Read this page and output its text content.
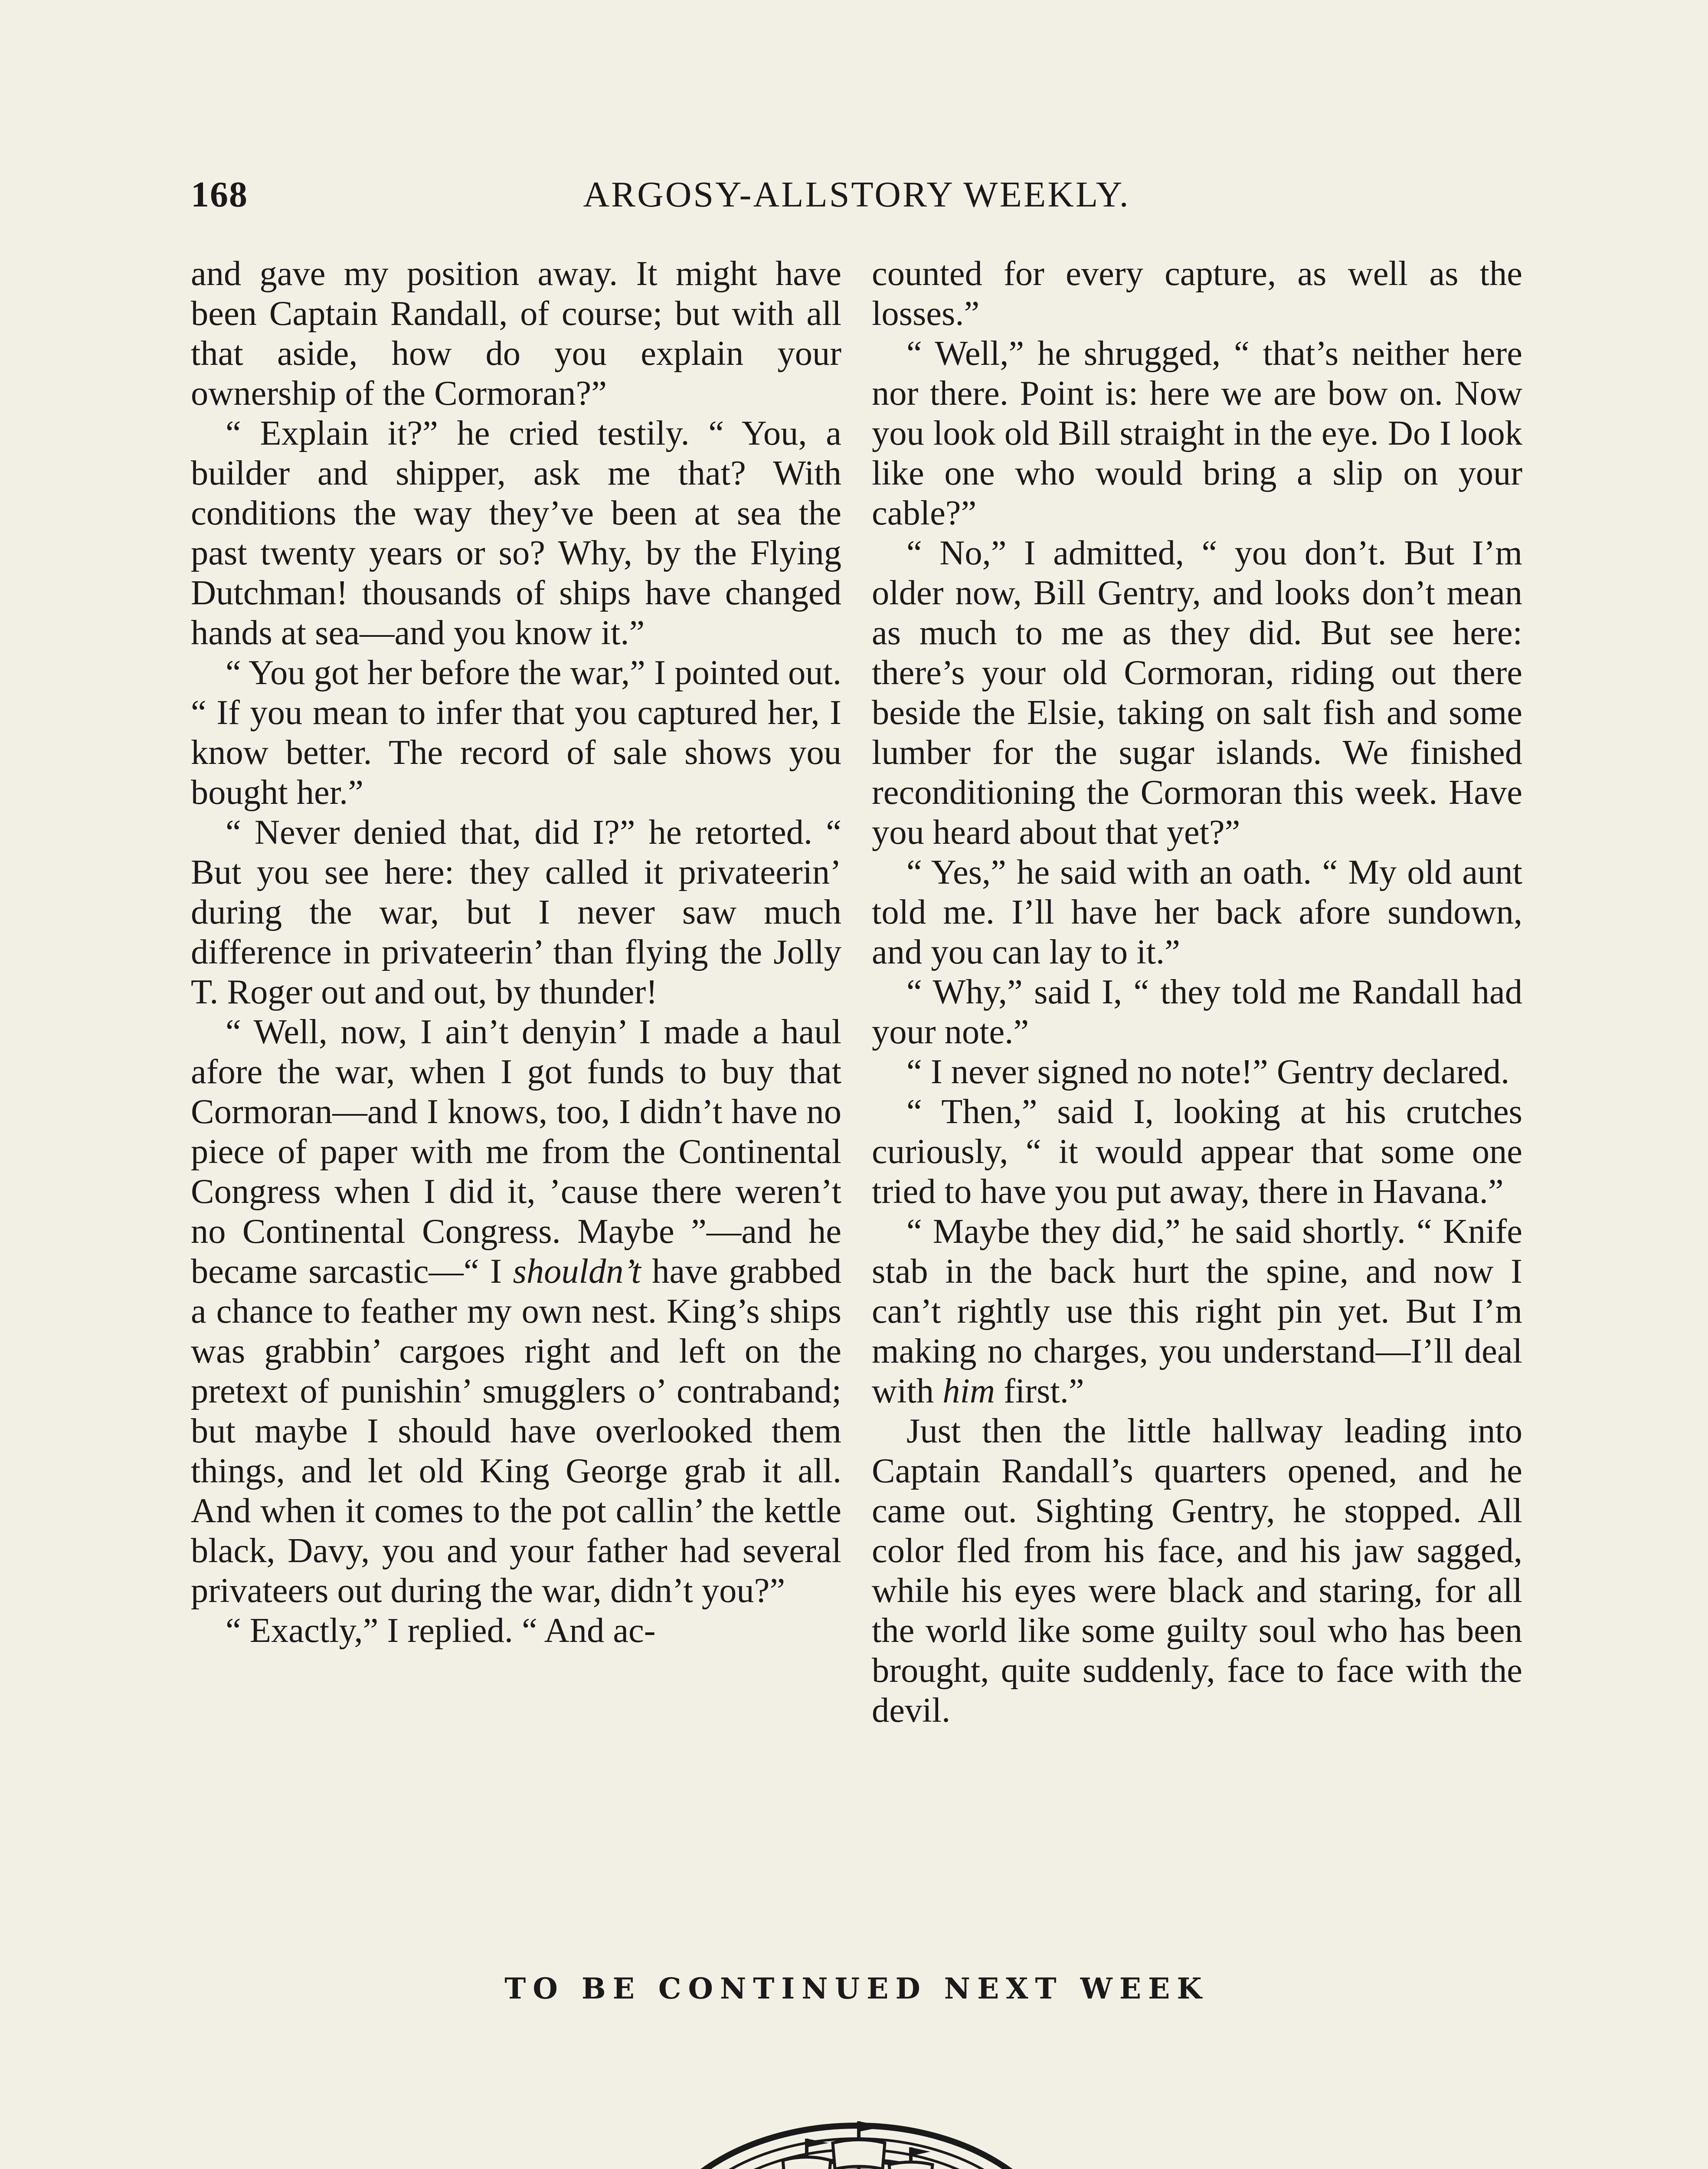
168	ARGOSY-ALLSTORY WEEKLY.

and gave my position away. It might have been Captain Randall, of course; but with all that aside, how do you explain your ownership of the Cormoran?”

“ Explain it?” he cried testily. “ You, a builder and shipper, ask me that? With conditions the way they’ve been at sea the past twenty years or so? Why, by the Flying Dutchman! thousands of ships have changed hands at sea—and you know it.”

“ You got her before the war,” I pointed out. “ If you mean to infer that you captured her, I know better. The record of sale shows you bought her.”

“ Never denied that, did I?” he retorted. “ But you see here: they called it privateerin’ during the war, but I never saw much difference in privateerin’ than flying the Jolly T. Roger out and out, by thunder!

“ Well, now, I ain’t denyin’ I made a haul afore the war, when I got funds to buy that Cormoran—and I knows, too, I didn’t have no piece of paper with me from the Continental Congress when I did it, ’cause there weren’t no Continental Congress. Maybe ”—and he became sarcastic—“ I shouldn’t have grabbed a chance to feather my own nest. King’s ships was grabbin’ cargoes right and left on the pretext of punishin’ smugglers o’ contraband; but maybe I should have overlooked them things, and let old King George grab it all. And when it comes to the pot callin’ the kettle black, Davy, you and your father had several privateers out during the war, didn’t you?”

“ Exactly,” I replied. “ And ac-

counted for every capture, as well as the losses.”

“ Well,” he shrugged, “ that’s neither here nor there. Point is: here we are bow on. Now you look old Bill straight in the eye. Do I look like one who would bring a slip on your cable?”

“ No,” I admitted, “ you don’t. But I’m older now, Bill Gentry, and looks don’t mean as much to me as they did. But see here: there’s your old Cormoran, riding out there beside the Elsie, taking on salt fish and some lumber for the sugar islands. We finished reconditioning the Cormoran this week. Have you heard about that yet?”

“ Yes,” he said with an oath. “ My old aunt told me. I’ll have her back afore sundown, and you can lay to it.”

“ Why,” said I, “ they told me Randall had your note.”

“ I never signed no note!” Gentry declared.

“ Then,” said I, looking at his crutches curiously, “ it would appear that some one tried to have you put away, there in Havana.”

“ Maybe they did,” he said shortly. “ Knife stab in the back hurt the spine, and now I can’t rightly use this right pin yet. But I’m making no charges, you understand—I’ll deal with him first.”

Just then the little hallway leading into Captain Randall’s quarters opened, and he came out. Sighting Gentry, he stopped. All color fled from his face, and his jaw sagged, while his eyes were black and staring, for all the world like some guilty soul who has been brought, quite suddenly, face to face with the devil.

TO BE CONTINUED NEXT WEEK
